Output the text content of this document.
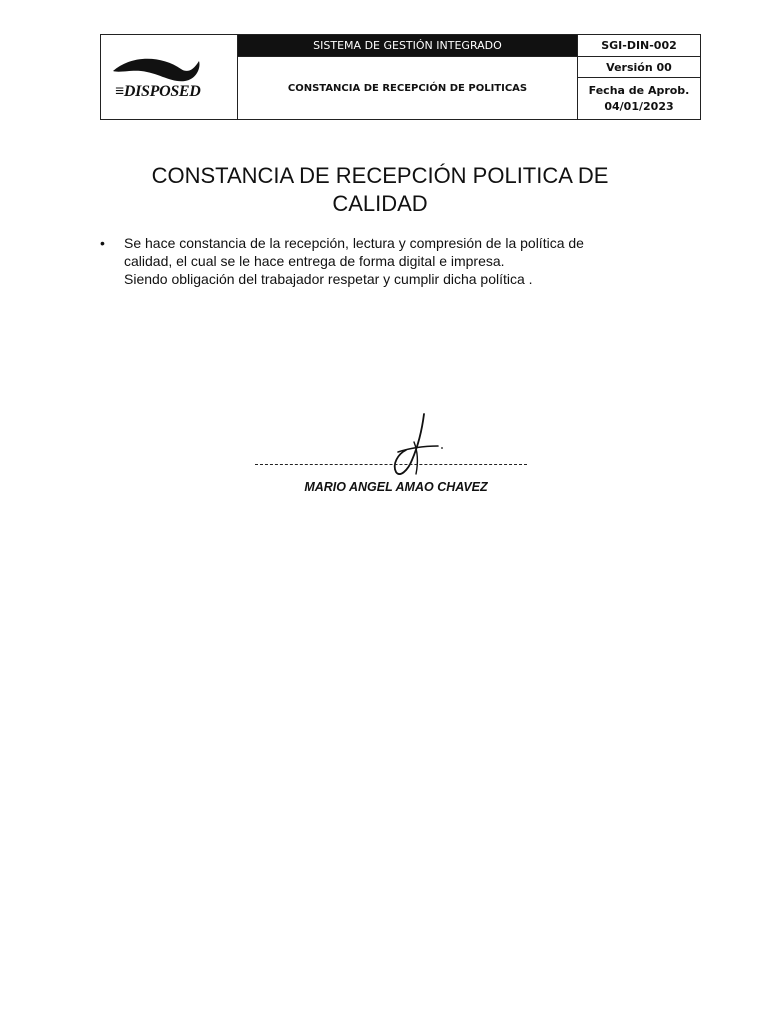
≡DISPOSED
SISTEMA DE GESTIÓN INTEGRADO	SGI-DIN-002
CONSTANCIA DE RECEPCIÓN DE POLITICAS
Versión 00
Fecha de Aprob.
04/01/2023
CONSTANCIA DE RECEPCIÓN POLITICA DE
CALIDAD
• Se hace constancia de la recepción, lectura y compresión de la política de
calidad, el cual se le hace entrega de forma digital e impresa.
Siendo obligación del trabajador respetar y cumplir dicha política .
MARIO ANGEL AMAO CHAVEZ
